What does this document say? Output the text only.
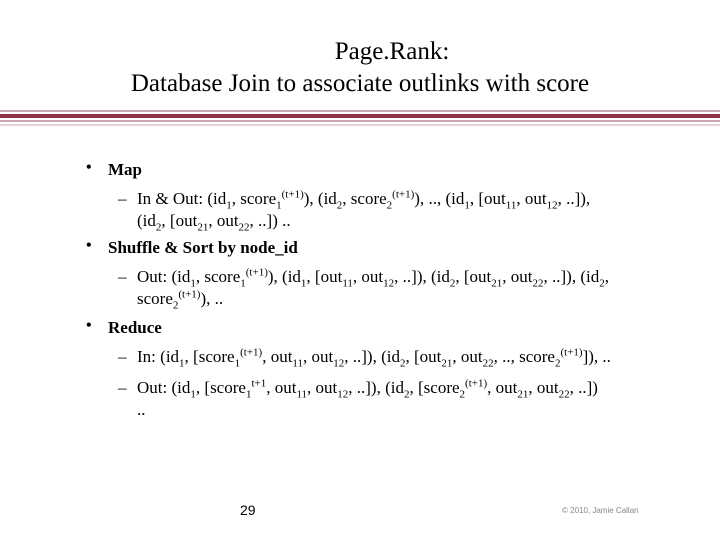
Page.Rank:
Database Join to associate outlinks with score
• Map
– In & Out: ($id_1$, score$_1^{(t+1)}$), ($id_2$, score$_2^{(t+1)}$), .., ($id_1$, [out$_{11}$, out$_{12}$, ..]),
($id_2$, [out$_{21}$, out$_{22}$, ..]) ..
• Shuffle & Sort by node_id
– Out: ($id_1$, score$_1^{(t+1)}$), ($id_1$, [out$_{11}$, out$_{12}$, ..]), ($id_2$, [out$_{21}$, out$_{22}$, ..]), ($id_2$,
score$_2^{(t+1)}$), ..
• Reduce
– In: ($id_1$, [score$_1^{(t+1)}$, out$_{11}$, out$_{12}$, ..]), ($id_2$, [out$_{21}$, out$_{22}$, .., score$_2^{(t+1)}$]), ..
– Out: ($id_1$, [score$_1^{t+1}$, out$_{11}$, out$_{12}$, ..]), ($id_2$, [score$_2^{(t+1)}$, out$_{21}$, out$_{22}$, ..])
..
29	© 2010, Jamie Callan
